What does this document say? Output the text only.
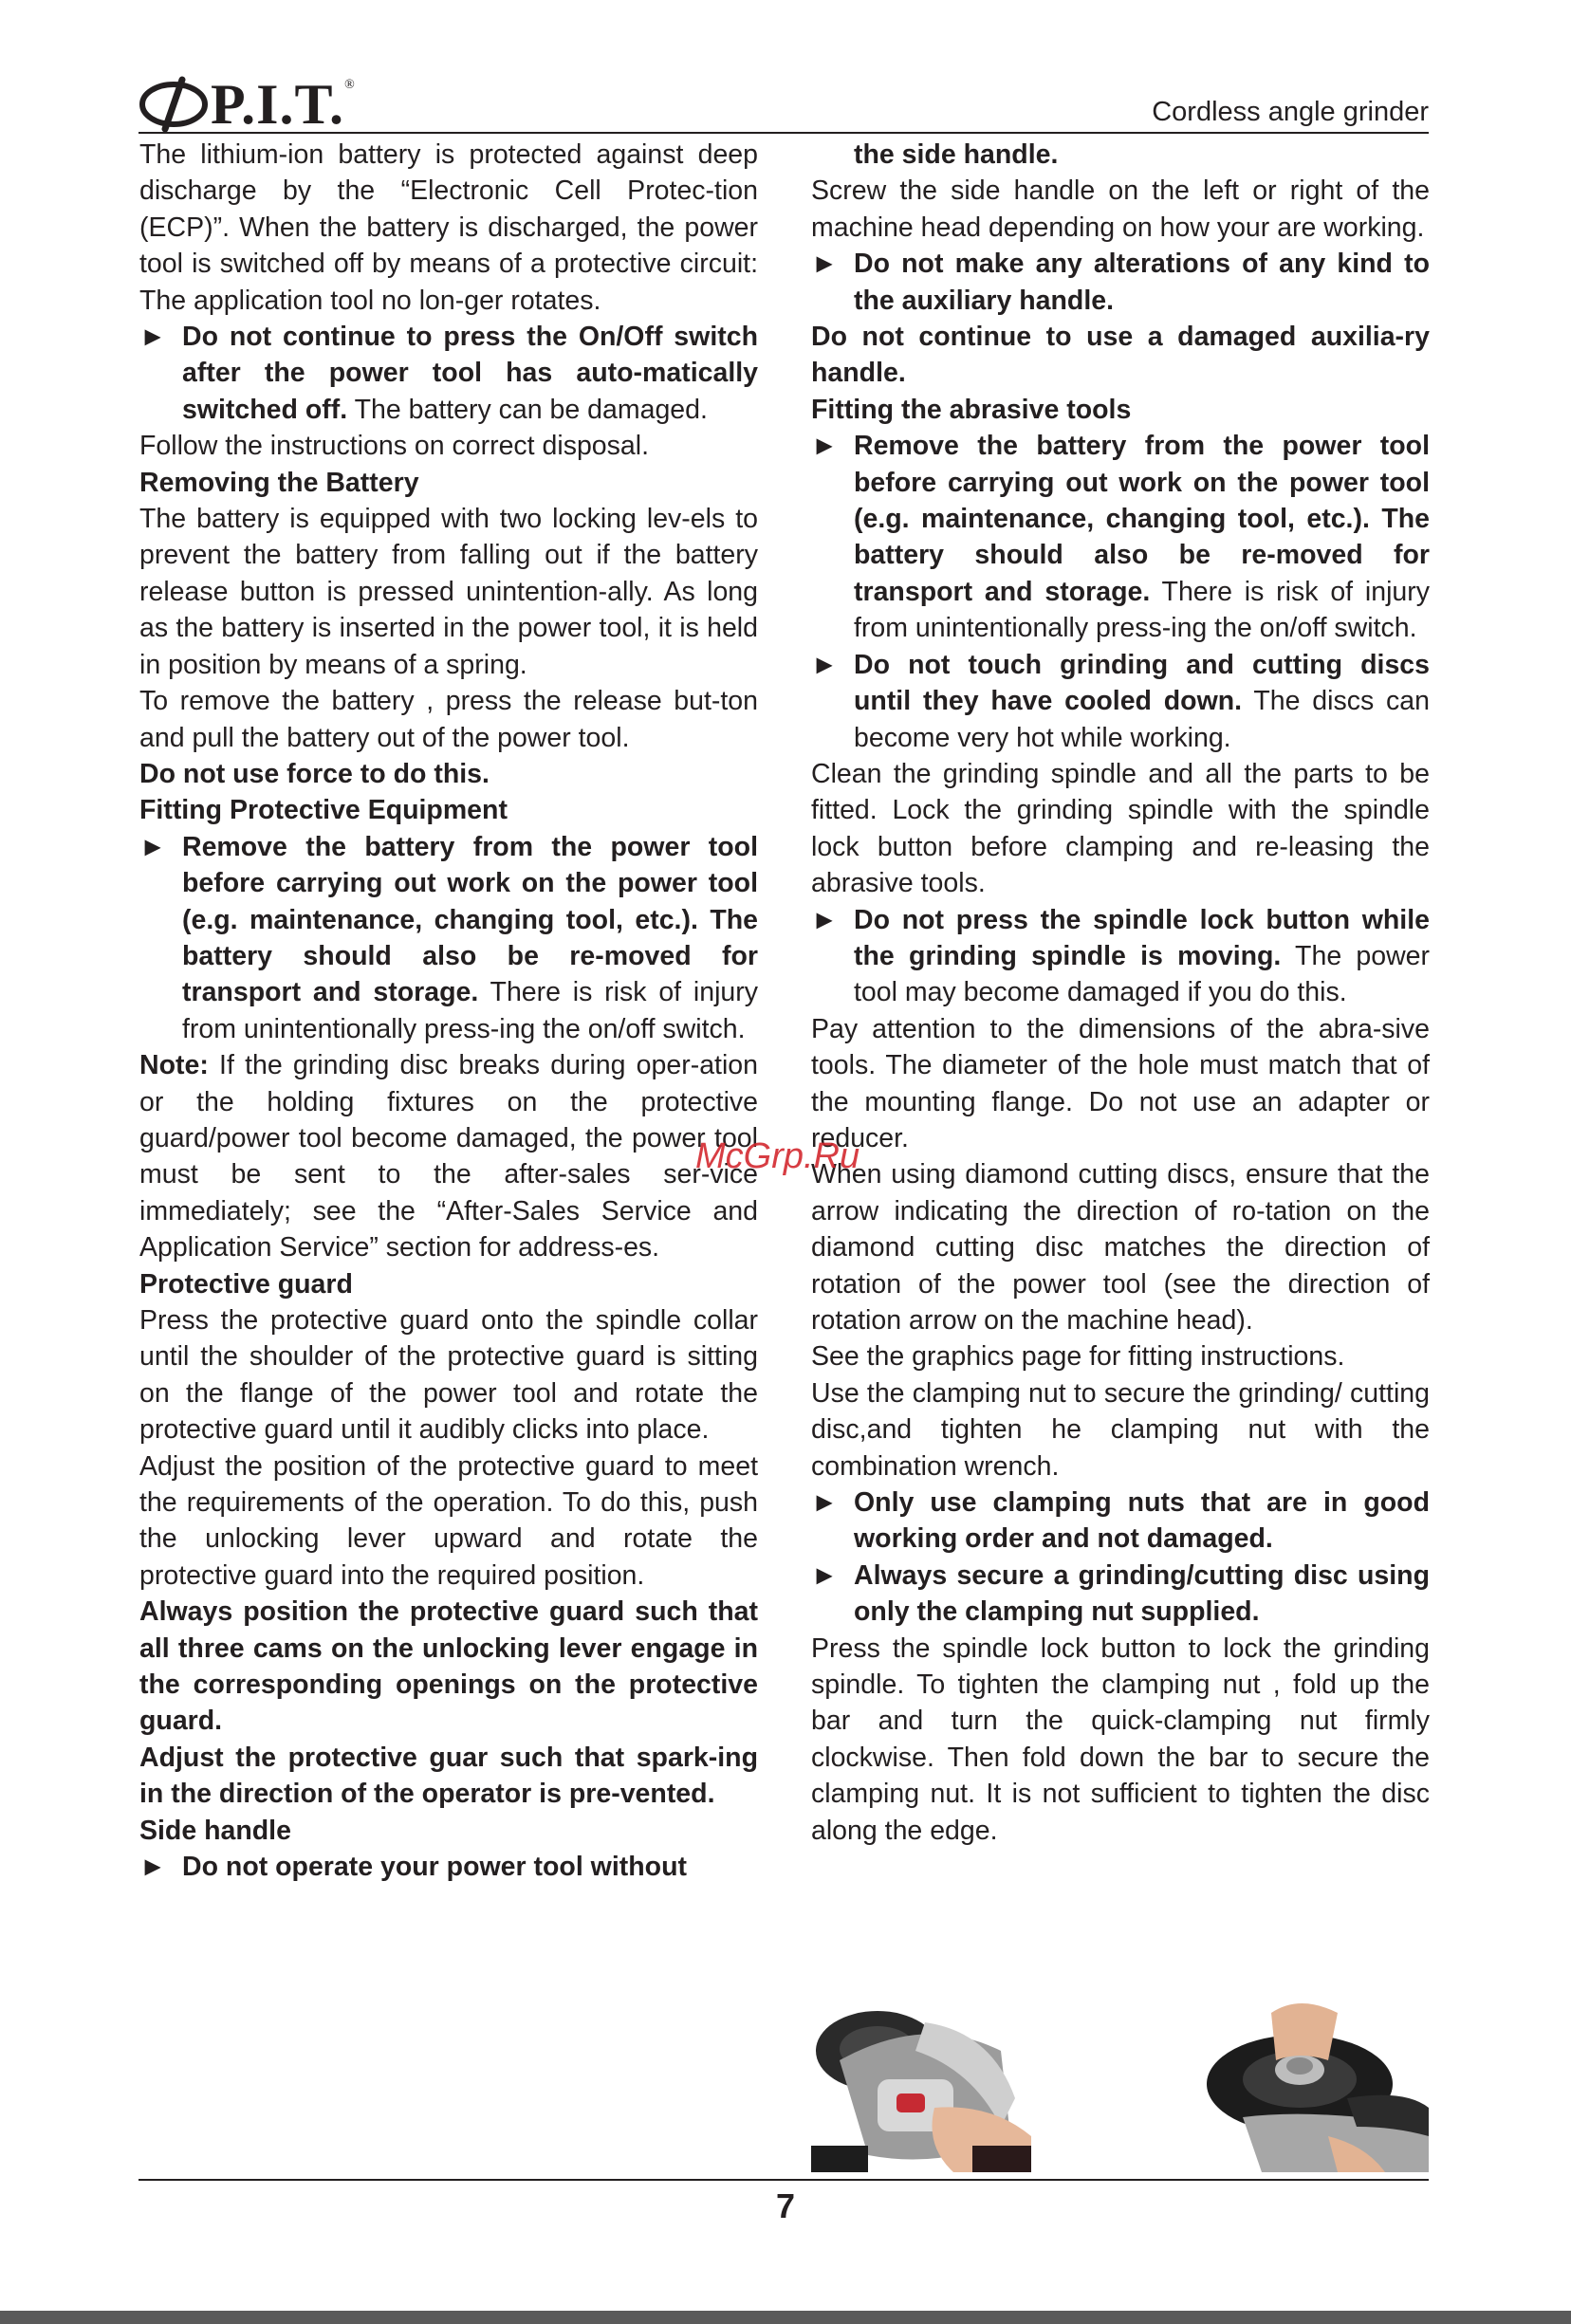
P.I.T. ®
Cordless angle grinder
The lithium-ion battery is protected against deep discharge by the “Electronic Cell Protec-tion (ECP)”. When the battery is discharged, the power tool is switched off by means of a protective circuit: The application tool no lon-ger rotates.
► Do not continue to press the On/Off switch after the power tool has auto-matically switched off. The battery can be damaged.
Follow the instructions on correct disposal.
Removing the Battery
The battery is equipped with two locking lev-els to prevent the battery from falling out if the battery release button is pressed unintention-ally. As long as the battery is inserted in the power tool, it is held in position by means of a spring.
To remove the battery , press the release but-ton and pull the battery out of the power tool.
Do not use force to do this.
Fitting Protective Equipment
► Remove the battery from the power tool before carrying out work on the power tool (e.g. maintenance, changing tool, etc.). The battery should also be re-moved for transport and storage. There is risk of injury from unintentionally press-ing the on/off switch.
Note: If the grinding disc breaks during oper-ation or the holding fixtures on the protective guard/power tool become damaged, the power tool must be sent to the after-sales ser-vice immediately; see the “After-Sales Service and Application Service” section for address-es.
Protective guard
Press the protective guard onto the spindle collar until the shoulder of the protective guard is sitting on the flange of the power tool and rotate the protective guard until it audibly clicks into place.
Adjust the position of the protective guard to meet the requirements of the operation. To do this, push the unlocking lever upward and rotate the protective guard into the required position.
Always position the protective guard such that all three cams on the unlocking lever engage in the corresponding openings on the protective guard.
Adjust the protective guar such that spark-ing in the direction of the operator is pre-vented.
Side handle
► Do not operate your power tool without
the side handle.
Screw the side handle on the left or right of the machine head depending on how your are working.
► Do not make any alterations of any kind to the auxiliary handle.
Do not continue to use a damaged auxilia-ry handle.
Fitting the abrasive tools
► Remove the battery from the power tool before carrying out work on the power tool (e.g. maintenance, changing tool, etc.). The battery should also be re-moved for transport and storage. There is risk of injury from unintentionally press-ing the on/off switch.
► Do not touch grinding and cutting discs until they have cooled down. The discs can become very hot while working.
Clean the grinding spindle and all the parts to be fitted. Lock the grinding spindle with the spindle lock button before clamping and re-leasing the abrasive tools.
► Do not press the spindle lock button while the grinding spindle is moving. The power tool may become damaged if you do this.
Pay attention to the dimensions of the abra-sive tools. The diameter of the hole must match that of the mounting flange. Do not use an adapter or reducer.
When using diamond cutting discs, ensure that the arrow indicating the direction of ro-tation on the diamond cutting disc matches the direction of rotation of the power tool (see the direction of rotation arrow on the machine head).
See the graphics page for fitting instructions.
Use the clamping nut to secure the grinding/ cutting disc,and tighten he clamping nut with the combination wrench.
► Only use clamping nuts that are in good working order and not damaged.
► Always secure a grinding/cutting disc using only the clamping nut supplied.
Press the spindle lock button to lock the grinding spindle. To tighten the clamping nut , fold up the bar and turn the quick-clamping nut firmly clockwise. Then fold down the bar to secure the clamping nut. It is not sufficient to tighten the disc along the edge.
McGrp.Ru
7
